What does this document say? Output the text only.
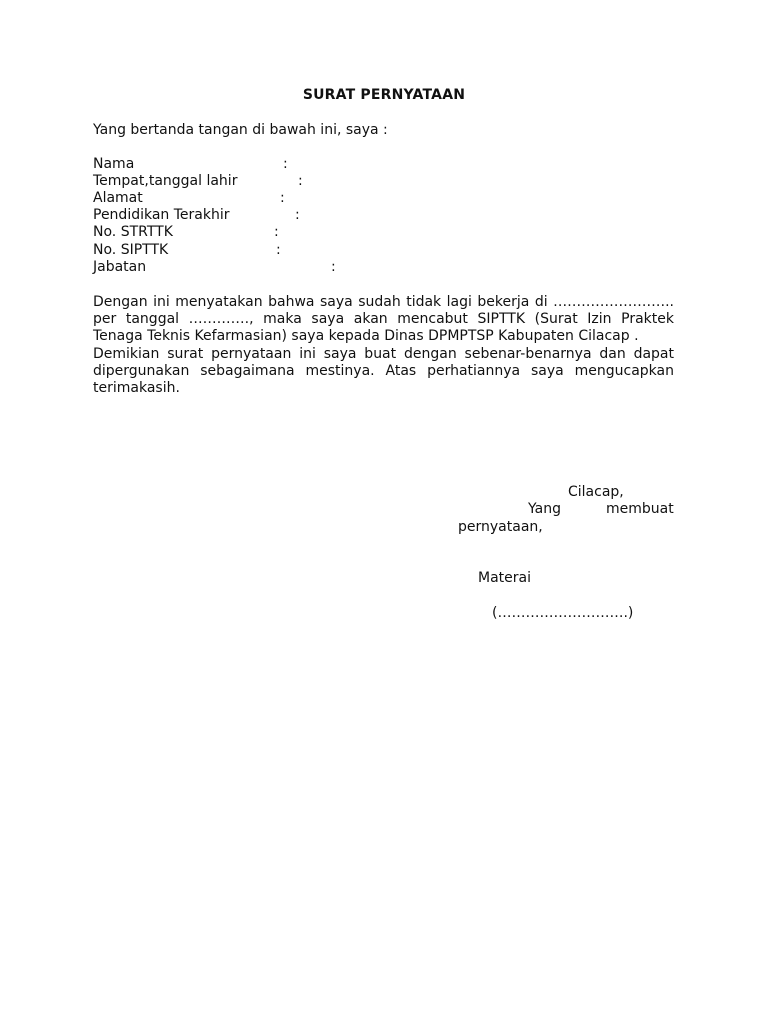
SURAT PERNYATAAN
Yang bertanda tangan di bawah ini, saya :
Nama	:
Tempat,tanggal lahir	:
Alamat	:
Pendidikan Terakhir	:
No. STRTTK	:
No. SIPTTK	:
Jabatan	:
Dengan ini menyatakan bahwa saya sudah tidak lagi bekerja di …………………….. per tanggal …………., maka saya akan mencabut SIPTTK (Surat Izin Praktek Tenaga Teknis Kefarmasian) saya kepada Dinas DPMPTSP Kabupaten Cilacap .
Demikian surat pernyataan ini saya buat dengan sebenar-benarnya dan dapat dipergunakan sebagaimana mestinya. Atas perhatiannya saya mengucapkan terimakasih.
Cilacap,
Yang	membuat
pernyataan,
Materai
(……………………….)
